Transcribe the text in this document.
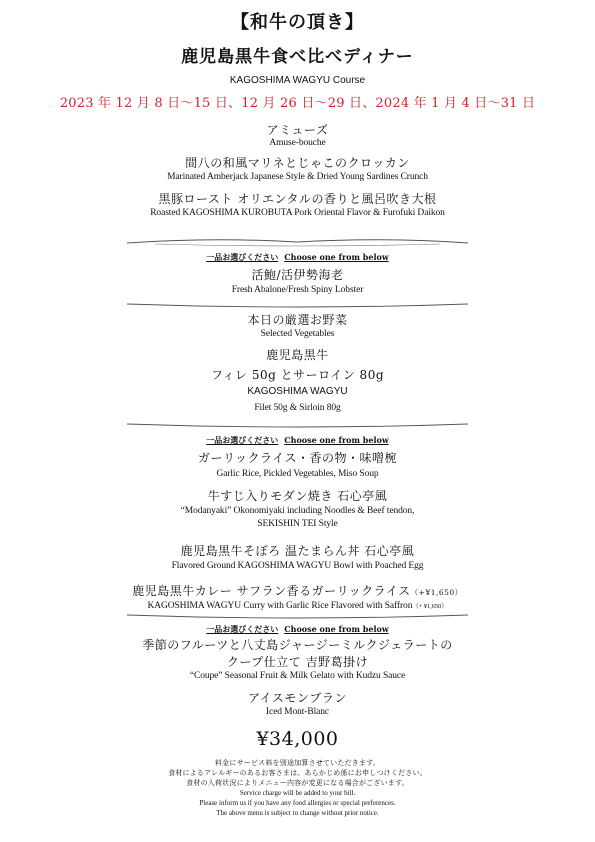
【和牛の頂き】
鹿児島黒牛食べ比べディナー
KAGOSHIMA WAGYU Course
2023 年 12 月 8 日〜15 日、12 月 26 日〜29 日、2024 年 1 月 4 日〜31 日
アミューズ
Amuse-bouche
間八の和風マリネとじゃこのクロッカン
Marinated Amberjack Japanese Style & Dried Young Sardines Crunch
黒豚ロースト オリエンタルの香りと風呂吹き大根
Roasted KAGOSHIMA KUROBUTA Pork Oriental Flavor & Furofuki Daikon
一品お選びください Choose one from below
活鮑/活伊勢海老
Fresh Abalone/Fresh Spiny Lobster
本日の厳選お野菜
Selected Vegetables
鹿児島黒牛
フィレ 50g とサーロイン 80g
KAGOSHIMA WAGYU
Filet 50g & Sirloin 80g
一品お選びください Choose one from below
ガーリックライス・香の物・味噌椀
Garlic Rice, Pickled Vegetables, Miso Soup
牛すじ入りモダン焼き 石心亭風
“Modanyaki” Okonomiyaki including Noodles & Beef tendon,
SEKISHIN TEI Style
鹿児島黒牛そぼろ 温たまらん丼 石心亭風
Flavored Ground KAGOSHIMA WAGYU Bowl with Poached Egg
鹿児島黒牛カレー サフラン香るガーリックライス（+¥1,650）
KAGOSHIMA WAGYU Curry with Garlic Rice Flavored with Saffron（+ ¥1,650）
一品お選びください Choose one from below
季節のフルーツと八丈島ジャージーミルクジェラートの
クープ仕立て 吉野葛掛け
“Coupe” Seasonal Fruit & Milk Gelato with Kudzu Sauce
アイスモンブラン
Iced Mont-Blanc
¥34,000
料金にサービス料を別途加算させていただきます。
食材によるアレルギーのあるお客さまは、あらかじめ係にお申しつけください。
食材の入荷状況によりメニュー内容が変更になる場合がございます。
Service charge will be added to your bill.
Please inform us if you have any food allergies or special preferences.
The above menu is subject to change without prior notice.
